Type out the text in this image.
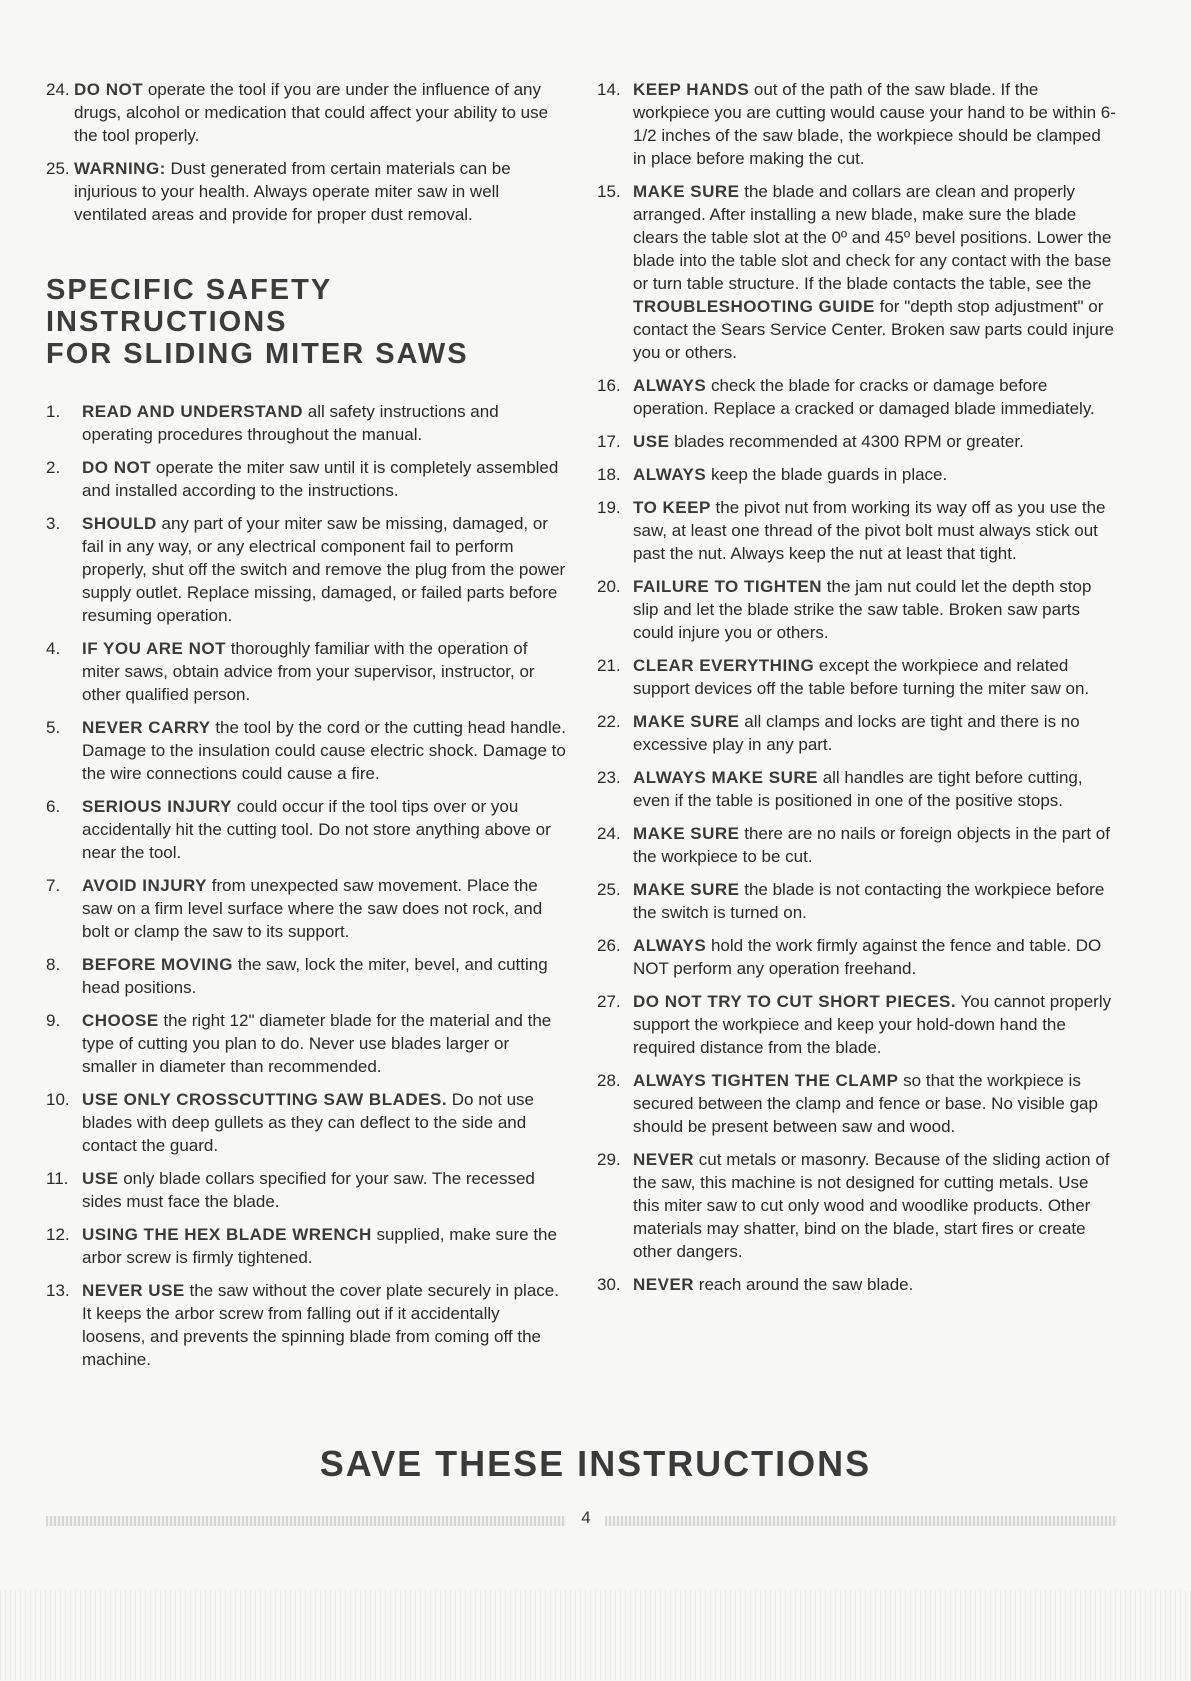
24. DO NOT operate the tool if you are under the influence of any drugs, alcohol or medication that could affect your ability to use the tool properly.
25. WARNING: Dust generated from certain materials can be injurious to your health. Always operate miter saw in well ventilated areas and provide for proper dust removal.
SPECIFIC SAFETY INSTRUCTIONS
FOR SLIDING MITER SAWS
1.	READ AND UNDERSTAND all safety instructions and operating procedures throughout the manual.
2.	DO NOT operate the miter saw until it is completely assembled and installed according to the instructions.
3.	SHOULD any part of your miter saw be missing, damaged, or fail in any way, or any electrical component fail to perform properly, shut off the switch and remove the plug from the power supply outlet. Replace missing, damaged, or failed parts before resuming operation.
4.	IF YOU ARE NOT thoroughly familiar with the operation of miter saws, obtain advice from your supervisor, instructor, or other qualified person.
5.	NEVER CARRY the tool by the cord or the cutting head handle. Damage to the insulation could cause electric shock. Damage to the wire connections could cause a fire.
6.	SERIOUS INJURY could occur if the tool tips over or you accidentally hit the cutting tool. Do not store anything above or near the tool.
7.	AVOID INJURY from unexpected saw movement. Place the saw on a firm level surface where the saw does not rock, and bolt or clamp the saw to its support.
8.	BEFORE MOVING the saw, lock the miter, bevel, and cutting head positions.
9.	CHOOSE the right 12" diameter blade for the material and the type of cutting you plan to do. Never use blades larger or smaller in diameter than recommended.
10. USE ONLY CROSSCUTTING SAW BLADES. Do not use blades with deep gullets as they can deflect to the side and contact the guard.
11. USE only blade collars specified for your saw. The recessed sides must face the blade.
12. USING THE HEX BLADE WRENCH supplied, make sure the arbor screw is firmly tightened.
13. NEVER USE the saw without the cover plate securely in place. It keeps the arbor screw from falling out if it accidentally loosens, and prevents the spinning blade from coming off the machine.
14. KEEP HANDS out of the path of the saw blade. If the workpiece you are cutting would cause your hand to be within 6-1/2 inches of the saw blade, the workpiece should be clamped in place before making the cut.
15. MAKE SURE the blade and collars are clean and properly arranged. After installing a new blade, make sure the blade clears the table slot at the 0º and 45º bevel positions. Lower the blade into the table slot and check for any contact with the base or turn table structure. If the blade contacts the table, see the TROUBLESHOOTING GUIDE for "depth stop adjustment" or contact the Sears Service Center. Broken saw parts could injure you or others.
16. ALWAYS check the blade for cracks or damage before operation. Replace a cracked or damaged blade immediately.
17. USE blades recommended at 4300 RPM or greater.
18. ALWAYS keep the blade guards in place.
19. TO KEEP the pivot nut from working its way off as you use the saw, at least one thread of the pivot bolt must always stick out past the nut. Always keep the nut at least that tight.
20. FAILURE TO TIGHTEN the jam nut could let the depth stop slip and let the blade strike the saw table. Broken saw parts could injure you or others.
21. CLEAR EVERYTHING except the workpiece and related support devices off the table before turning the miter saw on.
22. MAKE SURE all clamps and locks are tight and there is no excessive play in any part.
23. ALWAYS MAKE SURE all handles are tight before cutting, even if the table is positioned in one of the positive stops.
24. MAKE SURE there are no nails or foreign objects in the part of the workpiece to be cut.
25. MAKE SURE the blade is not contacting the workpiece before the switch is turned on.
26. ALWAYS hold the work firmly against the fence and table. DO NOT perform any operation freehand.
27. DO NOT TRY TO CUT SHORT PIECES. You cannot properly support the workpiece and keep your hold-down hand the required distance from the blade.
28. ALWAYS TIGHTEN THE CLAMP so that the workpiece is secured between the clamp and fence or base. No visible gap should be present between saw and wood.
29. NEVER cut metals or masonry. Because of the sliding action of the saw, this machine is not designed for cutting metals. Use this miter saw to cut only wood and woodlike products. Other materials may shatter, bind on the blade, start fires or create other dangers.
30. NEVER reach around the saw blade.
SAVE THESE INSTRUCTIONS
4
